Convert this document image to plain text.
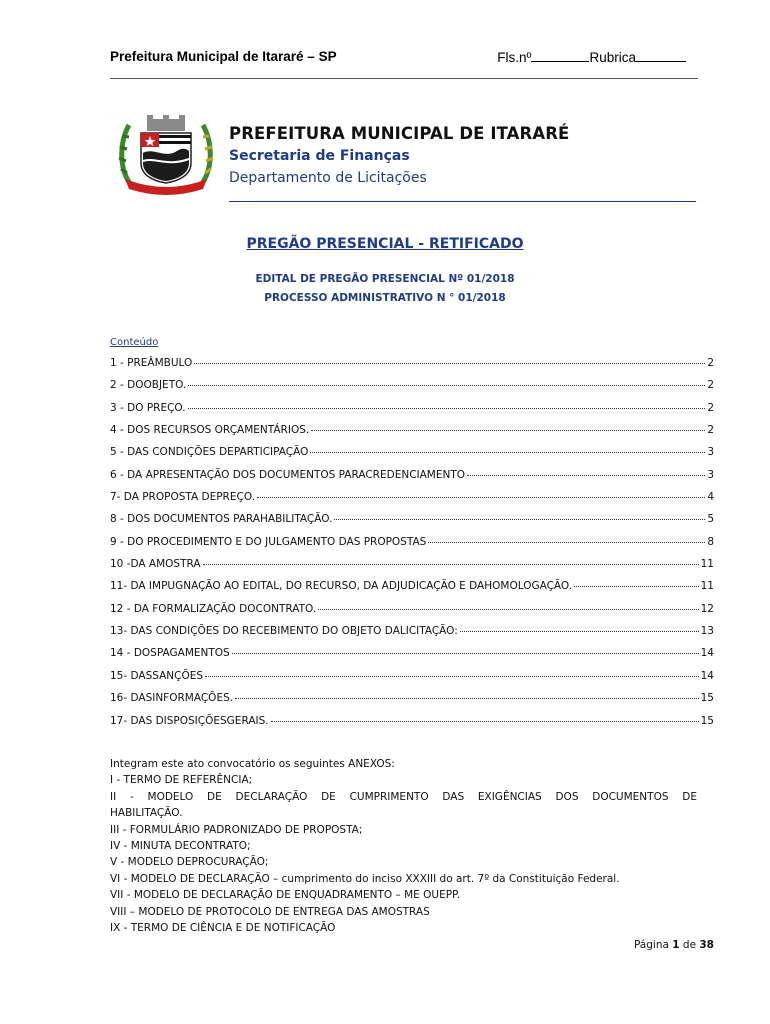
Prefeitura Municipal de Itararé – SP	Fls.nº	Rubrica
PREFEITURA MUNICIPAL DE ITARARÉ
Secretaria de Finanças
Departamento de Licitações
PREGÃO PRESENCIAL - RETIFICADO
EDITAL DE PREGÃO PRESENCIAL Nº 01/2018
PROCESSO ADMINISTRATIVO N ° 01/2018
Conteúdo
1 - PREÂMBULO	2
2 - DOOBJETO.	2
3 - DO PREÇO.	2
4 - DOS RECURSOS ORÇAMENTÁRIOS.	2
5 - DAS CONDIÇÕES DEPARTICIPAÇÃO	3
6 - DA APRESENTAÇÃO DOS DOCUMENTOS PARACREDENCIAMENTO	3
7- DA PROPOSTA DEPREÇO.	4
8 - DOS DOCUMENTOS PARAHABILITAÇÃO.	5
9 - DO PROCEDIMENTO E DO JULGAMENTO DAS PROPOSTAS	8
10 -DA AMOSTRA	11
11- DA IMPUGNAÇÃO AO EDITAL, DO RECURSO, DA ADJUDICAÇÃO E DAHOMOLOGAÇÃO.	11
12 - DA FORMALIZAÇÃO DOCONTRATO.	12
13- DAS CONDIÇÕES DO RECEBIMENTO DO OBJETO DALICITAÇÃO:	13
14 - DOSPAGAMENTOS	14
15- DASSANÇÕES	14
16- DASINFORMAÇÕES.	15
17- DAS DISPOSIÇÕESGERAIS.	15
Integram este ato convocatório os seguintes ANEXOS:
I - TERMO DE REFERÊNCIA;
II - MODELO DE DECLARAÇÃO DE CUMPRIMENTO DAS EXIGÊNCIAS DOS DOCUMENTOS DE
HABILITAÇÃO.
III - FORMULÁRIO PADRONIZADO DE PROPOSTA;
IV - MINUTA DECONTRATO;
V - MODELO DEPROCURAÇÃO;
VI - MODELO DE DECLARAÇÃO – cumprimento do inciso XXXIII do art. 7º da Constituição Federal.
VII - MODELO DE DECLARAÇÃO DE ENQUADRAMENTO – ME OUEPP.
VIII – MODELO DE PROTOCOLO DE ENTREGA DAS AMOSTRAS
IX - TERMO DE CIÊNCIA E DE NOTIFICAÇÃO
Página 1 de 38
